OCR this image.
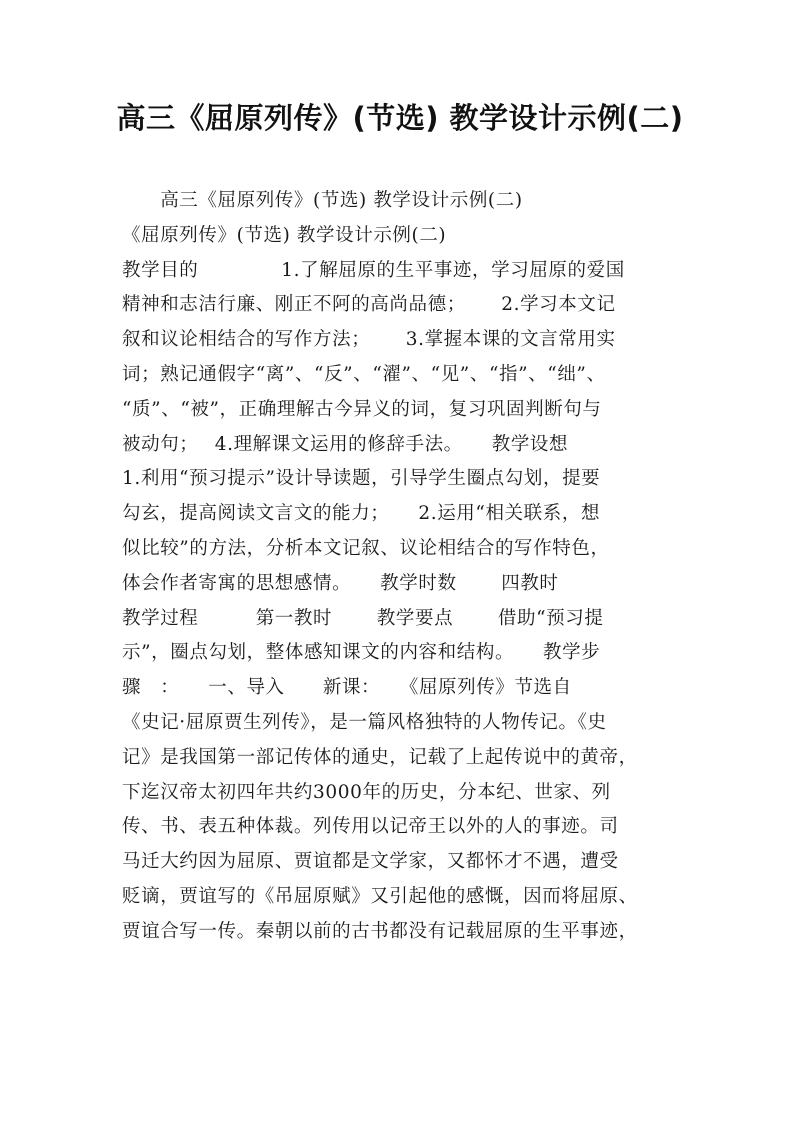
高三《屈原列传》(节选) 教学设计示例(二)
　　高三《屈原列传》(节选) 教学设计示例(二)
《屈原列传》(节选) 教学设计示例(二)
教学目的　　　　 1.了解屈原的生平事迹，学习屈原的爱国
精神和志洁行廉、刚正不阿的高尚品德；　　 2.学习本文记
叙和议论相结合的写作方法；　　 3.掌握本课的文言常用实
词；熟记通假字“离”、“反”、“濯”、“见”、“指”、“绌”、
“质”、“被”，正确理解古今异义的词，复习巩固判断句与
被动句；　 4.理解课文运用的修辞手法。　　教学设想
1.利用“预习提示”设计导读题，引导学生圈点勾划，提要
勾玄，提高阅读文言文的能力；　　2.运用“相关联系，想
似比较”的方法，分析本文记叙、议论相结合的写作特色，
体会作者寄寓的思想感情。　　教学时数　　 四教时
教学过程　　　第一教时　　 教学要点　　 借助“预习提
示”，圈点勾划，整体感知课文的内容和结构。　　教学步
骤　：　　一、导入　　新课：　　《屈原列传》节选自
《史记·屈原贾生列传》，是一篇风格独特的人物传记。《史
记》是我国第一部记传体的通史，记载了上起传说中的黄帝，
下迄汉帝太初四年共约3000年的历史，分本纪、世家、列
传、书、表五种体裁。列传用以记帝王以外的人的事迹。司
马迁大约因为屈原、贾谊都是文学家，又都怀才不遇，遭受
贬谪，贾谊写的《吊屈原赋》又引起他的感慨，因而将屈原、
贾谊合写一传。秦朝以前的古书都没有记载屈原的生平事迹，
